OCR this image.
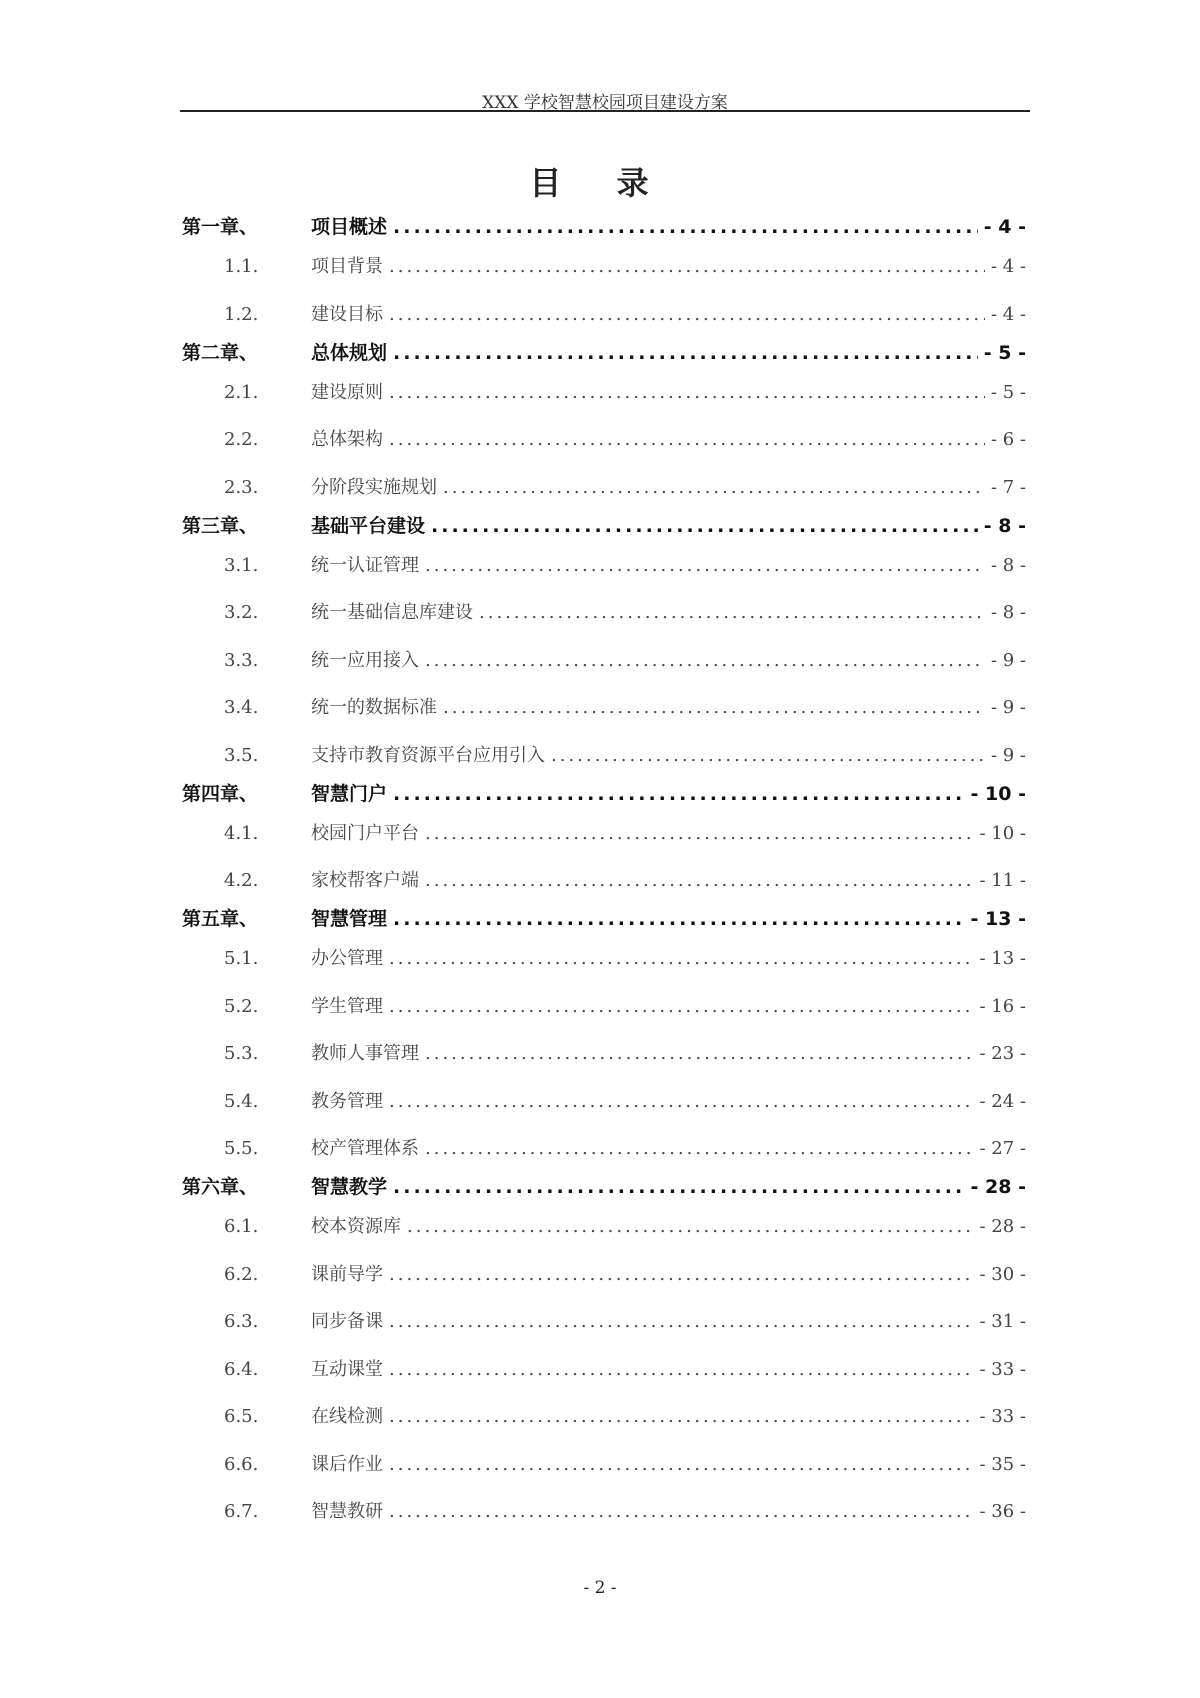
XXX 学校智慧校园项目建设方案
目 录
第一章、	项目概述 .....	- 4 -
1.1.	项目背景 .....	- 4 -
1.2.	建设目标 .....	- 4 -
第二章、	总体规划 .....	- 5 -
2.1.	建设原则 .....	- 5 -
2.2.	总体架构 .....	- 6 -
2.3.	分阶段实施规划 .....	- 7 -
第三章、	基础平台建设 .....	- 8 -
3.1.	统一认证管理 .....	- 8 -
3.2.	统一基础信息库建设 .....	- 8 -
3.3.	统一应用接入 .....	- 9 -
3.4.	统一的数据标准 .....	- 9 -
3.5.	支持市教育资源平台应用引入 .....	- 9 -
第四章、	智慧门户 .....	- 10 -
4.1.	校园门户平台 .....	- 10 -
4.2.	家校帮客户端 .....	- 11 -
第五章、	智慧管理 .....	- 13 -
5.1.	办公管理 .....	- 13 -
5.2.	学生管理 .....	- 16 -
5.3.	教师人事管理 .....	- 23 -
5.4.	教务管理 .....	- 24 -
5.5.	校产管理体系 .....	- 27 -
第六章、	智慧教学 .....	- 28 -
6.1.	校本资源库 .....	- 28 -
6.2.	课前导学 .....	- 30 -
6.3.	同步备课 .....	- 31 -
6.4.	互动课堂 .....	- 33 -
6.5.	在线检测 .....	- 33 -
6.6.	课后作业 .....	- 35 -
6.7.	智慧教研 .....	- 36 -
- 2 -
